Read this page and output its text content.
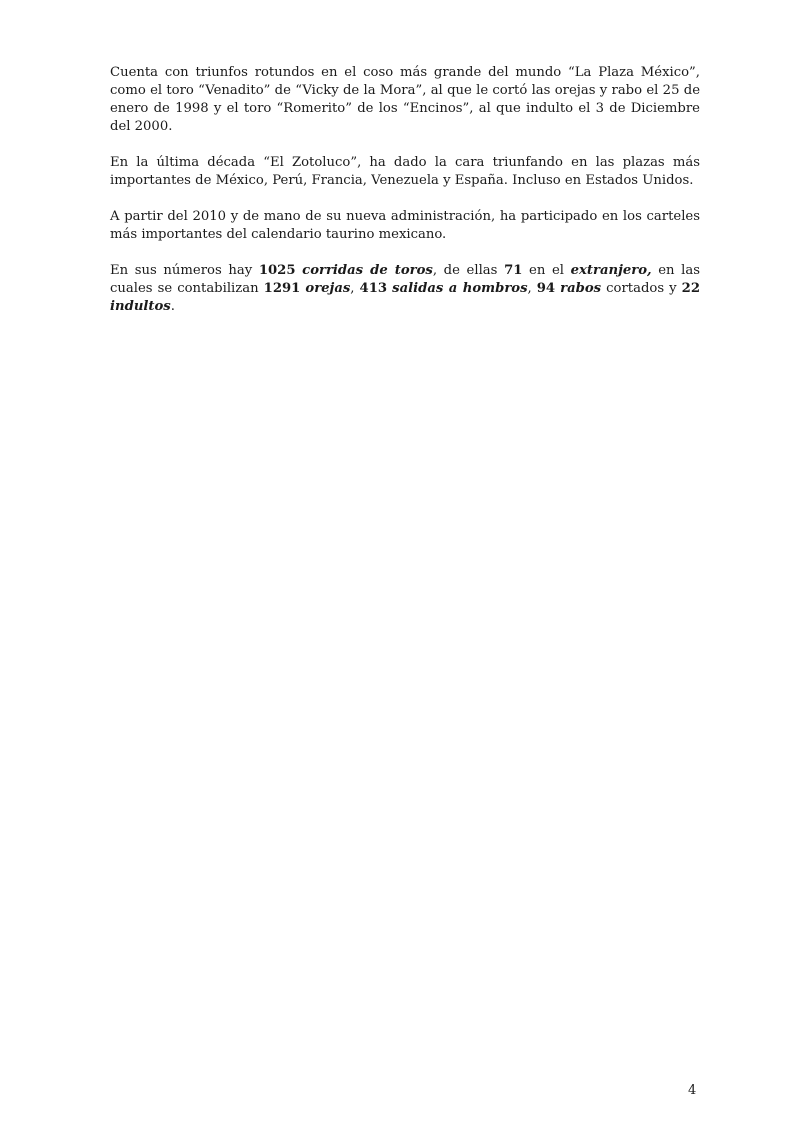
Cuenta con triunfos rotundos en el coso más grande del mundo “La Plaza México”, como el toro “Venadito” de “Vicky de la Mora”, al que le cortó las orejas y rabo el 25 de enero de 1998 y el toro “Romerito” de los “Encinos”, al que indulto el 3 de Diciembre del 2000.

En la última década “El Zotoluco”, ha dado la cara triunfando en las plazas más importantes de México, Perú, Francia, Venezuela y España. Incluso en Estados Unidos.

A partir del 2010 y de mano de su nueva administración, ha participado en los carteles más importantes del calendario taurino mexicano.

En sus números hay 1025 corridas de toros, de ellas 71 en el extranjero, en las cuales se contabilizan 1291 orejas, 413 salidas a hombros, 94 rabos cortados y 22 indultos.

4
